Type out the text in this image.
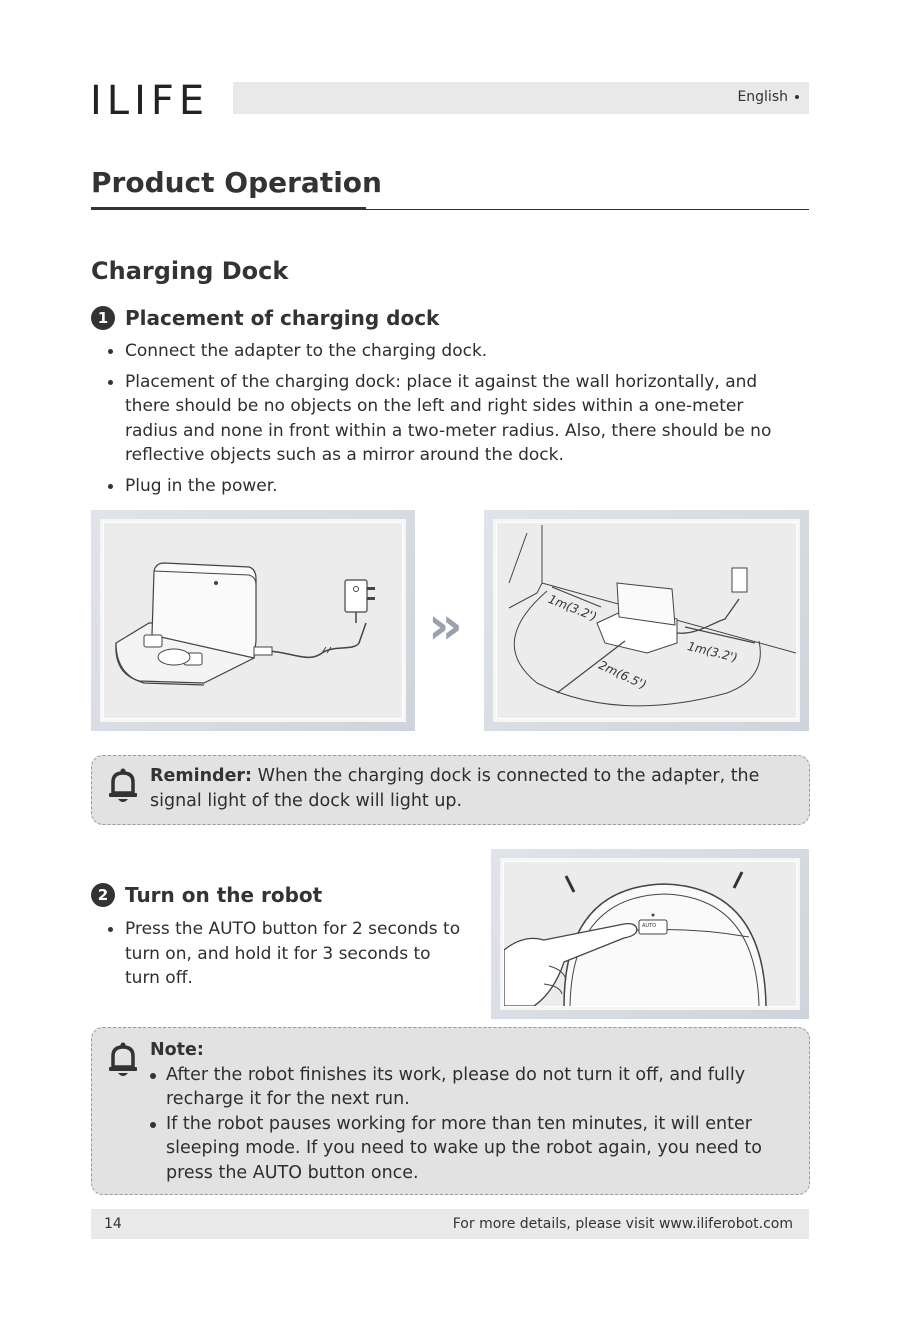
ILIFE	English
Product Operation
Charging Dock
1 Placement of charging dock
Connect the adapter to the charging dock.
Placement of the charging dock: place it against the wall horizontally, and there should be no objects on the left and right sides within a one-meter radius and none in front within a two-meter radius. Also, there should be no reflective objects such as a mirror around the dock.
Plug in the power.
››	1m(3.2')
1m(3.2')
2m(6.5')
Reminder: When the charging dock is connected to the adapter, the signal light of the dock will light up.
2 Turn on the robot
Press the AUTO button for 2 seconds to turn on, and hold it for 3 seconds to turn off.
AUTO
Note:
After the robot finishes its work, please do not turn it off, and fully recharge it for the next run.
If the robot pauses working for more than ten minutes, it will enter sleeping mode. If you need to wake up the robot again, you need to press the AUTO button once.
14	For more details, please visit www.iliferobot.com
